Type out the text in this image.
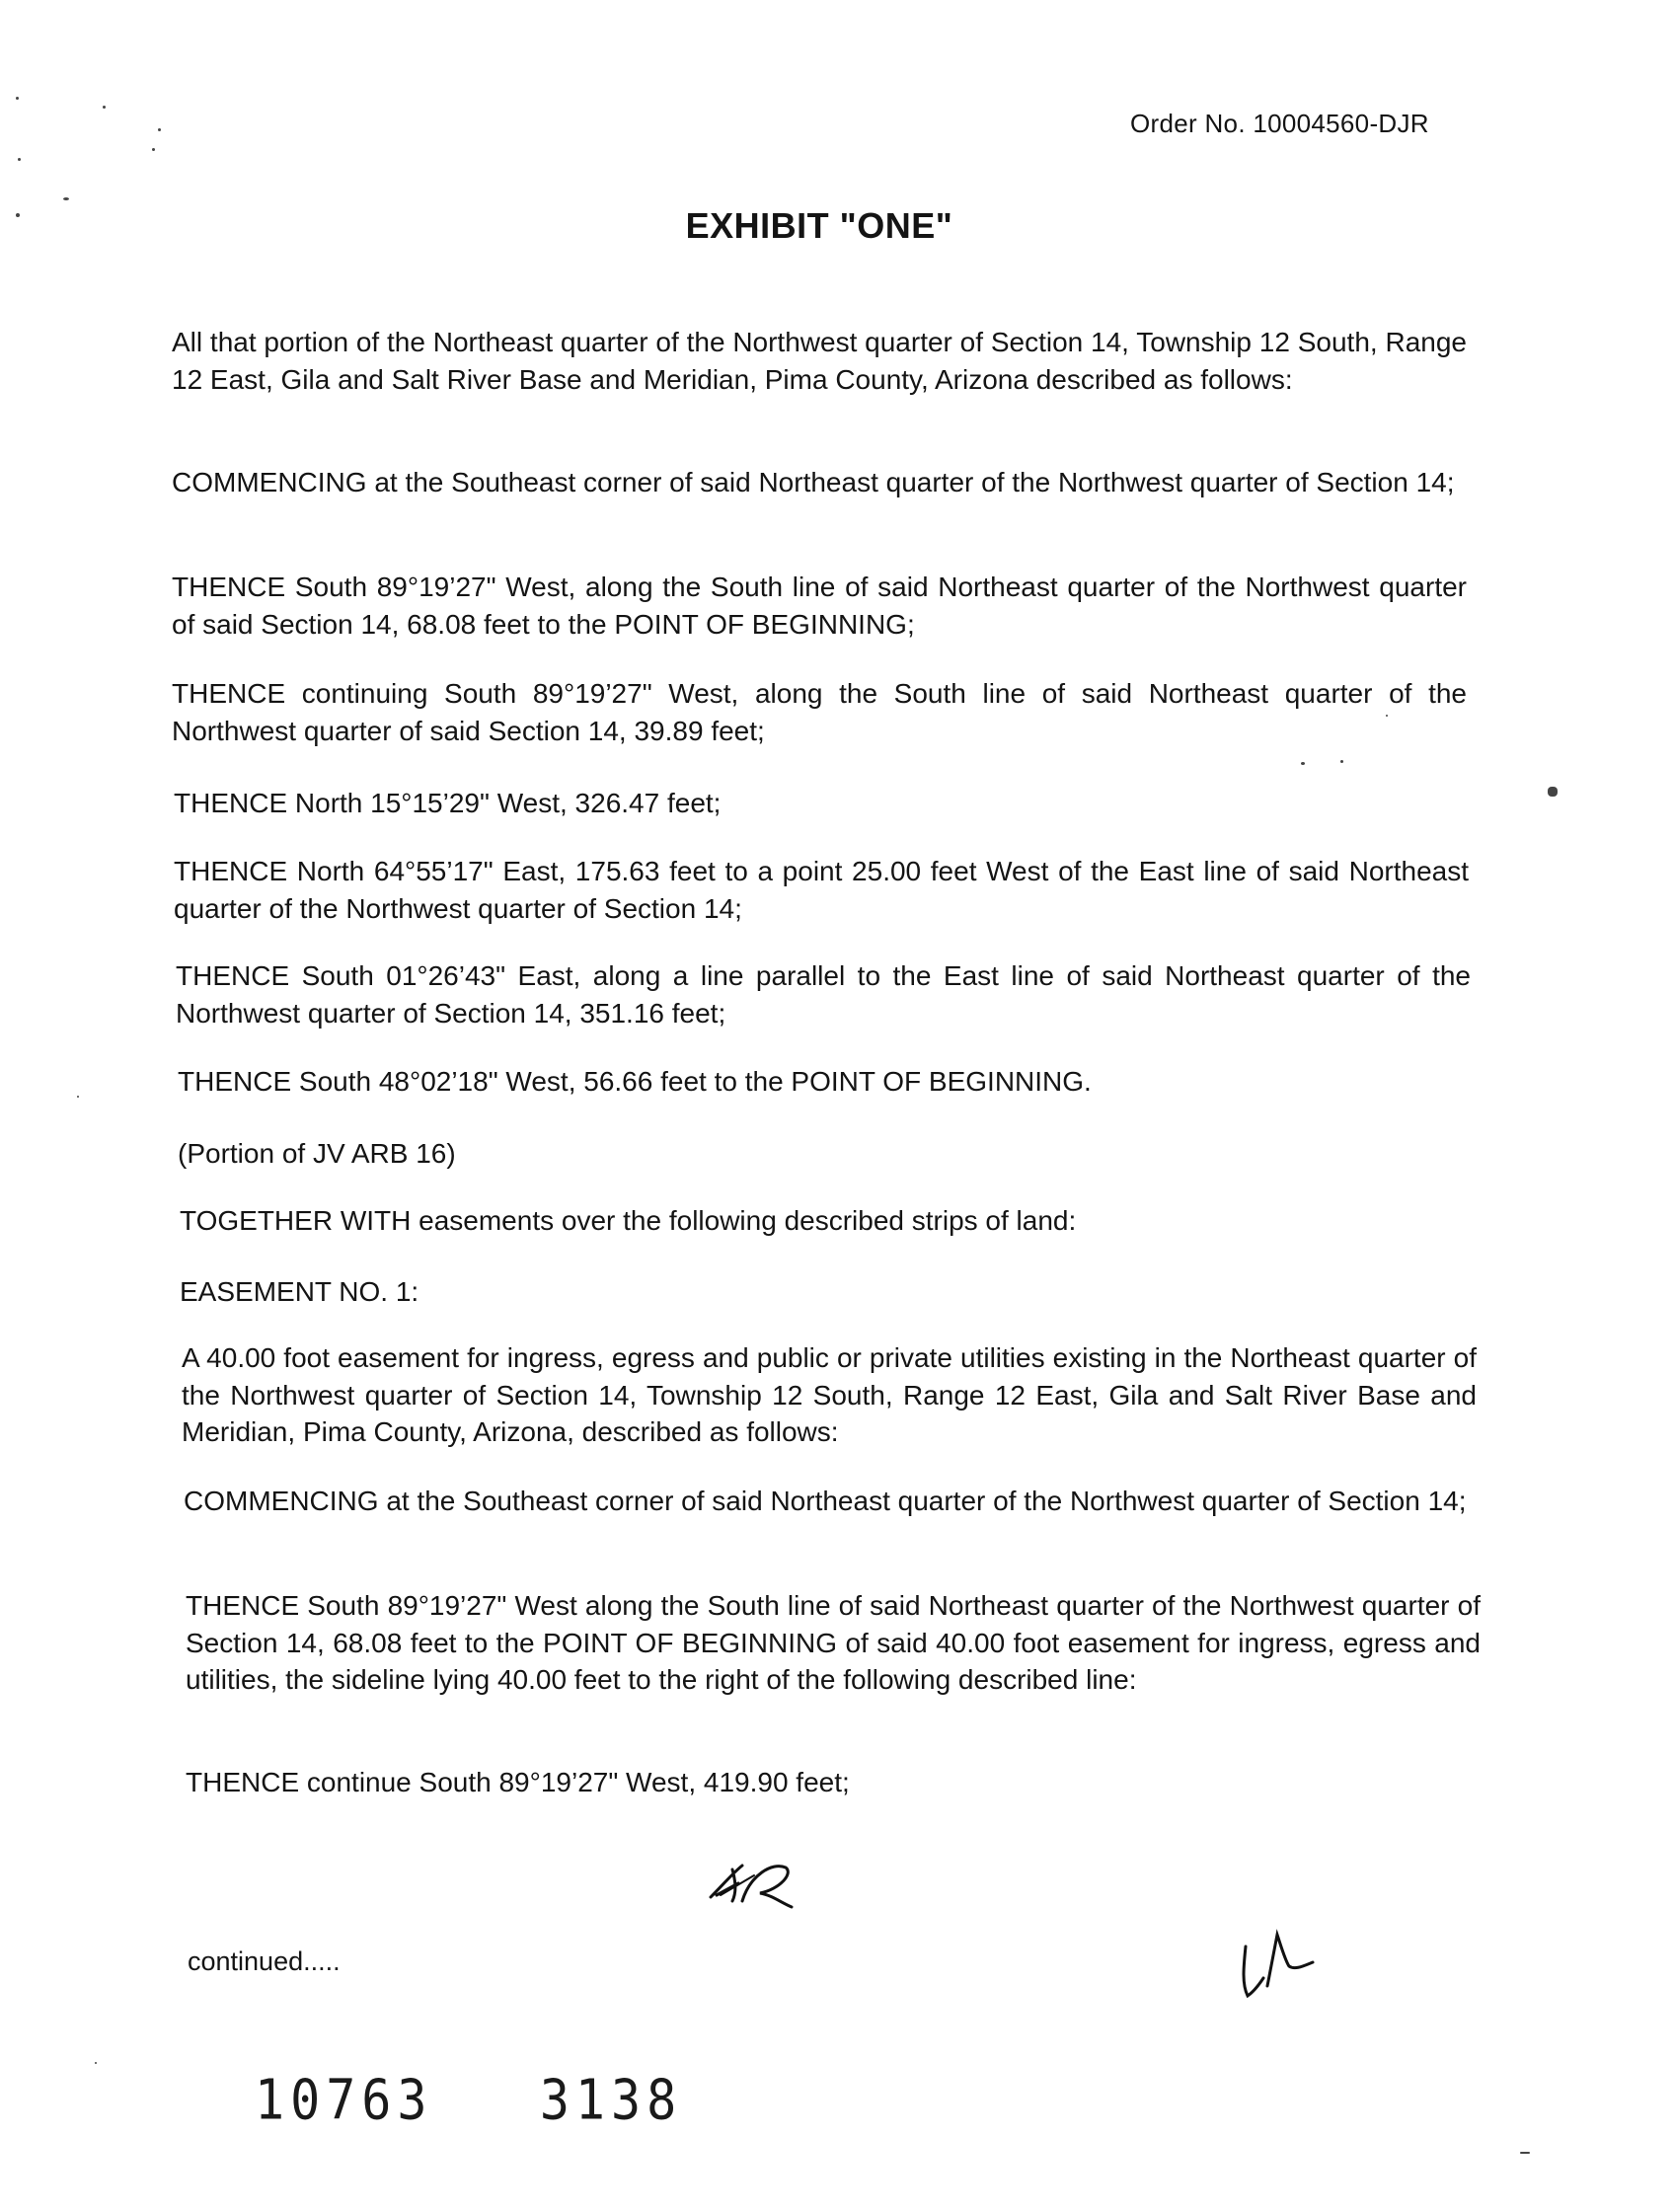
Order No. 10004560-DJR
EXHIBIT "ONE"
All that portion of the Northeast quarter of the Northwest quarter of Section 14, Township 12 South, Range 12 East, Gila and Salt River Base and Meridian, Pima County, Arizona described as follows:
COMMENCING at the Southeast corner of said Northeast quarter of the Northwest quarter of Section 14;
THENCE South 89°19’27" West, along the South line of said Northeast quarter of the Northwest quarter of said Section 14, 68.08 feet to the POINT OF BEGINNING;
THENCE continuing South 89°19’27" West, along the South line of said Northeast quarter of the Northwest quarter of said Section 14, 39.89 feet;
THENCE North 15°15’29" West, 326.47 feet;
THENCE North 64°55’17" East, 175.63 feet to a point 25.00 feet West of the East line of said Northeast quarter of the Northwest quarter of Section 14;
THENCE South 01°26’43" East, along a line parallel to the East line of said Northeast quarter of the Northwest quarter of Section 14, 351.16 feet;
THENCE South 48°02’18" West, 56.66 feet to the POINT OF BEGINNING.
(Portion of JV ARB 16)
TOGETHER WITH easements over the following described strips of land:
EASEMENT NO. 1:
A 40.00 foot easement for ingress, egress and public or private utilities existing in the Northeast quarter of the Northwest quarter of Section 14, Township 12 South, Range 12 East, Gila and Salt River Base and Meridian, Pima County, Arizona, described as follows:
COMMENCING at the Southeast corner of said Northeast quarter of the Northwest quarter of Section 14;
THENCE South 89°19’27" West along the South line of said Northeast quarter of the Northwest quarter of Section 14, 68.08 feet to the POINT OF BEGINNING of said 40.00 foot easement for ingress, egress and utilities, the sideline lying 40.00 feet to the right of the following described line:
THENCE continue South 89°19’27" West, 419.90 feet;
continued.....
10763   3138
